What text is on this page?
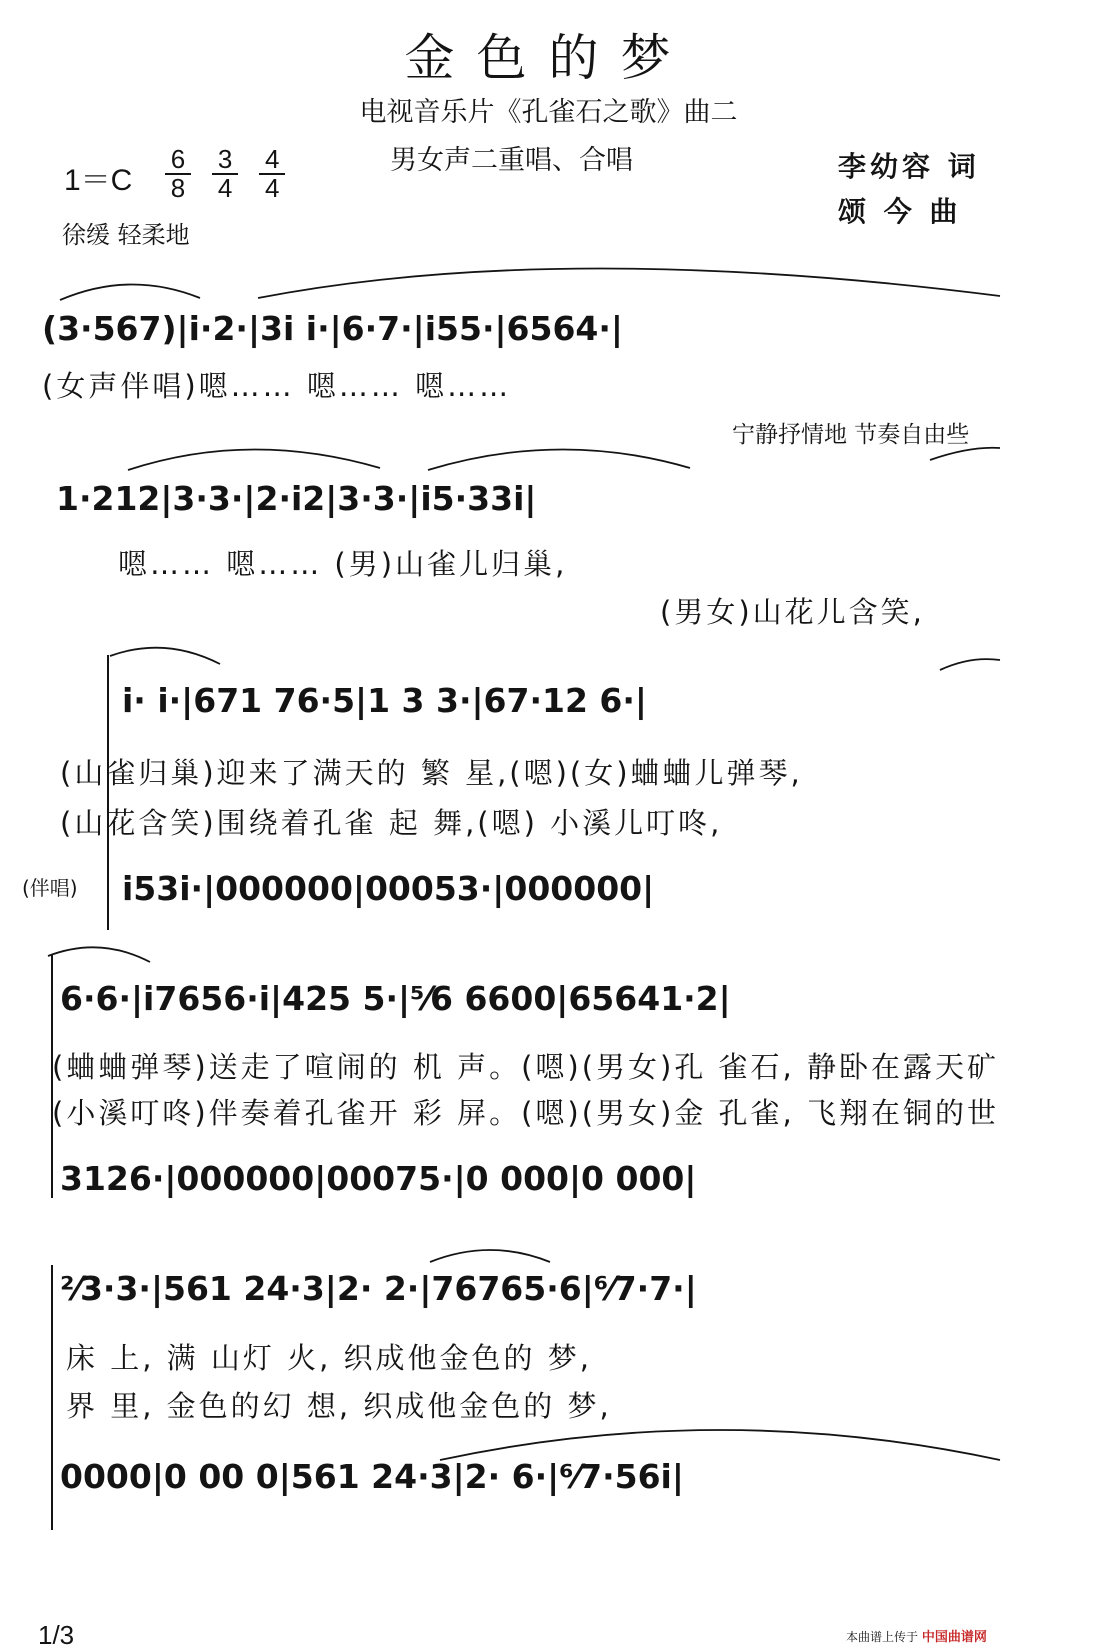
金色的梦
电视音乐片《孔雀石之歌》曲二
男女声二重唱、合唱
$1=C \frac{6}{8} \frac{3}{4} \frac{4}{4}$	李幼容 词
颂 今 曲
徐缓 轻柔地
宁静抒情地 节奏自由些
(伴唱)
(3·567)|i·2·|3i i·|6·7·|i55·|6564·|
(女声伴唱)嗯…… 嗯…… 嗯……
1·212|3·3·|2·i2|3·3·|i5·33i|
嗯…… 嗯…… (男)山雀儿归巢,
(男女)山花儿含笑,
i· i·|671 76·5|1 3 3·|67·12 6·|
(山雀归巢)迎来了满天的 繁 星,(嗯)(女)蛐蛐儿弹琴,
(山花含笑)围绕着孔雀 起 舞,(嗯) 小溪儿叮咚,
i53i·|000000|00053·|000000|
6·6·|i7656·i|425 5·|⁵⁄6 6600|65641·2|
(蛐蛐弹琴)送走了喧闹的 机 声。(嗯)(男女)孔 雀石, 静卧在露天矿
(小溪叮咚)伴奏着孔雀开 彩 屏。(嗯)(男女)金 孔雀, 飞翔在铜的世
3126·|000000|00075·|0 000|0 000|
²⁄3·3·|561 24·3|2· 2·|76765·6|⁶⁄7·7·|
床 上, 满 山灯 火, 织成他金色的 梦,
界 里, 金色的幻 想, 织成他金色的 梦,
0000|0 00 0|561 24·3|2· 6·|⁶⁄7·56i|
1/3	本曲谱上传于 中国曲谱网
